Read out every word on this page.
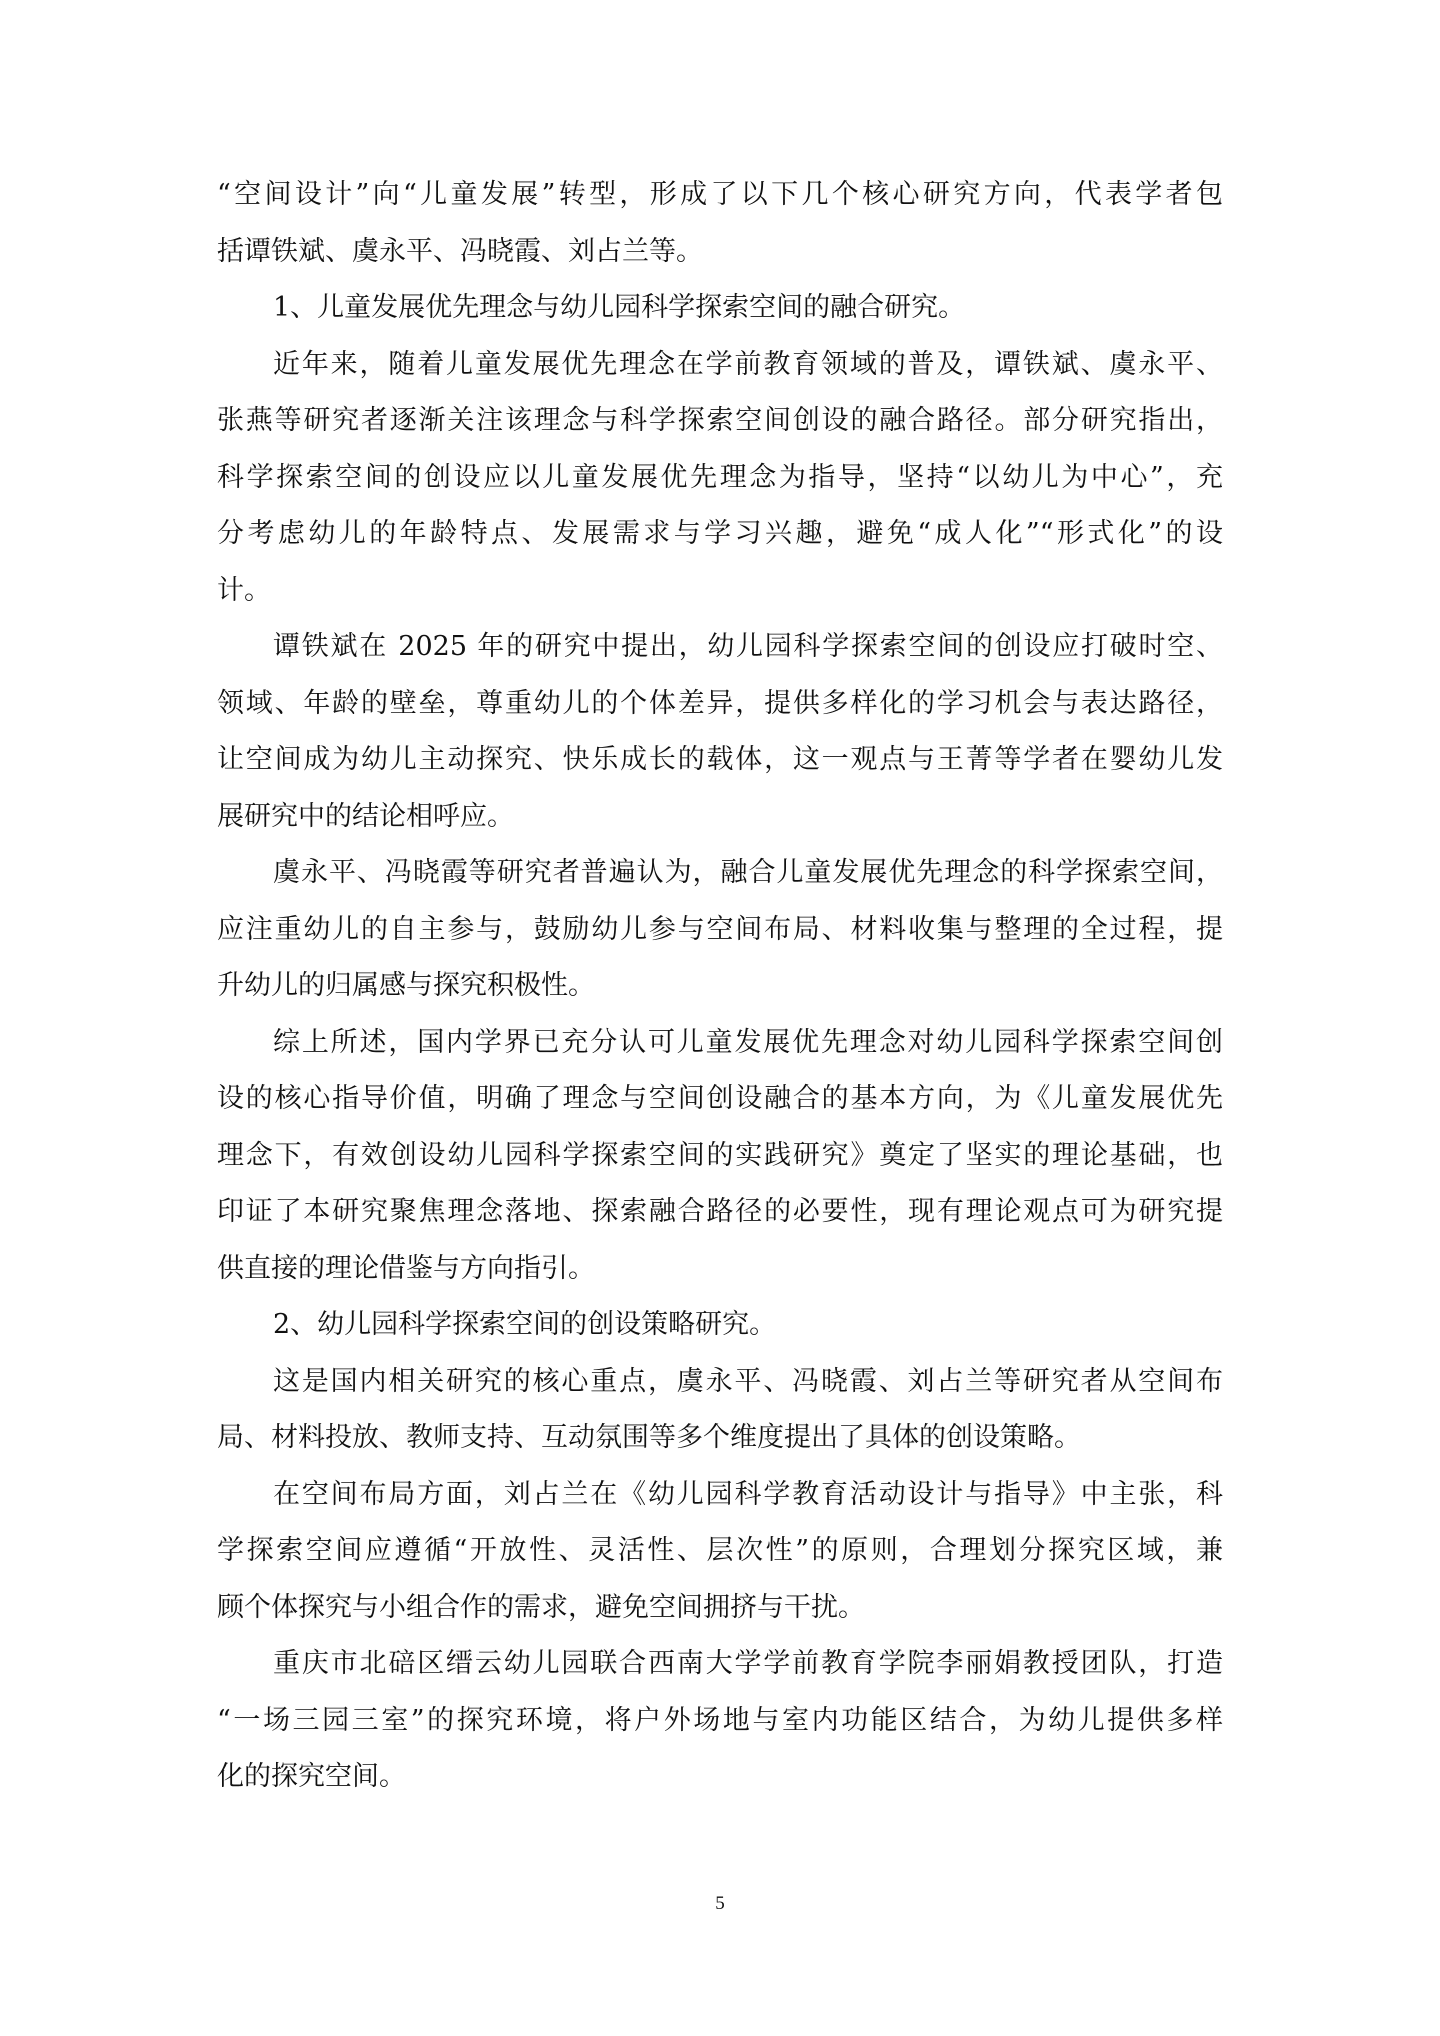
“空间设计”向“儿童发展”转型，形成了以下几个核心研究方向，代表学者包
括谭铁斌、虞永平、冯晓霞、刘占兰等。
1、儿童发展优先理念与幼儿园科学探索空间的融合研究。
近年来，随着儿童发展优先理念在学前教育领域的普及，谭铁斌、虞永平、
张燕等研究者逐渐关注该理念与科学探索空间创设的融合路径。部分研究指出，
科学探索空间的创设应以儿童发展优先理念为指导，坚持“以幼儿为中心”，充
分考虑幼儿的年龄特点、发展需求与学习兴趣，避免“成人化”“形式化”的设
计。
谭铁斌在 2025 年的研究中提出，幼儿园科学探索空间的创设应打破时空、
领域、年龄的壁垒，尊重幼儿的个体差异，提供多样化的学习机会与表达路径，
让空间成为幼儿主动探究、快乐成长的载体，这一观点与王菁等学者在婴幼儿发
展研究中的结论相呼应。
虞永平、冯晓霞等研究者普遍认为，融合儿童发展优先理念的科学探索空间，
应注重幼儿的自主参与，鼓励幼儿参与空间布局、材料收集与整理的全过程，提
升幼儿的归属感与探究积极性。
综上所述，国内学界已充分认可儿童发展优先理念对幼儿园科学探索空间创
设的核心指导价值，明确了理念与空间创设融合的基本方向，为《儿童发展优先
理念下，有效创设幼儿园科学探索空间的实践研究》奠定了坚实的理论基础，也
印证了本研究聚焦理念落地、探索融合路径的必要性，现有理论观点可为研究提
供直接的理论借鉴与方向指引。
2、幼儿园科学探索空间的创设策略研究。
这是国内相关研究的核心重点，虞永平、冯晓霞、刘占兰等研究者从空间布
局、材料投放、教师支持、互动氛围等多个维度提出了具体的创设策略。
在空间布局方面，刘占兰在《幼儿园科学教育活动设计与指导》中主张，科
学探索空间应遵循“开放性、灵活性、层次性”的原则，合理划分探究区域，兼
顾个体探究与小组合作的需求，避免空间拥挤与干扰。
重庆市北碚区缙云幼儿园联合西南大学学前教育学院李丽娟教授团队，打造
“一场三园三室”的探究环境，将户外场地与室内功能区结合，为幼儿提供多样
化的探究空间。
5
